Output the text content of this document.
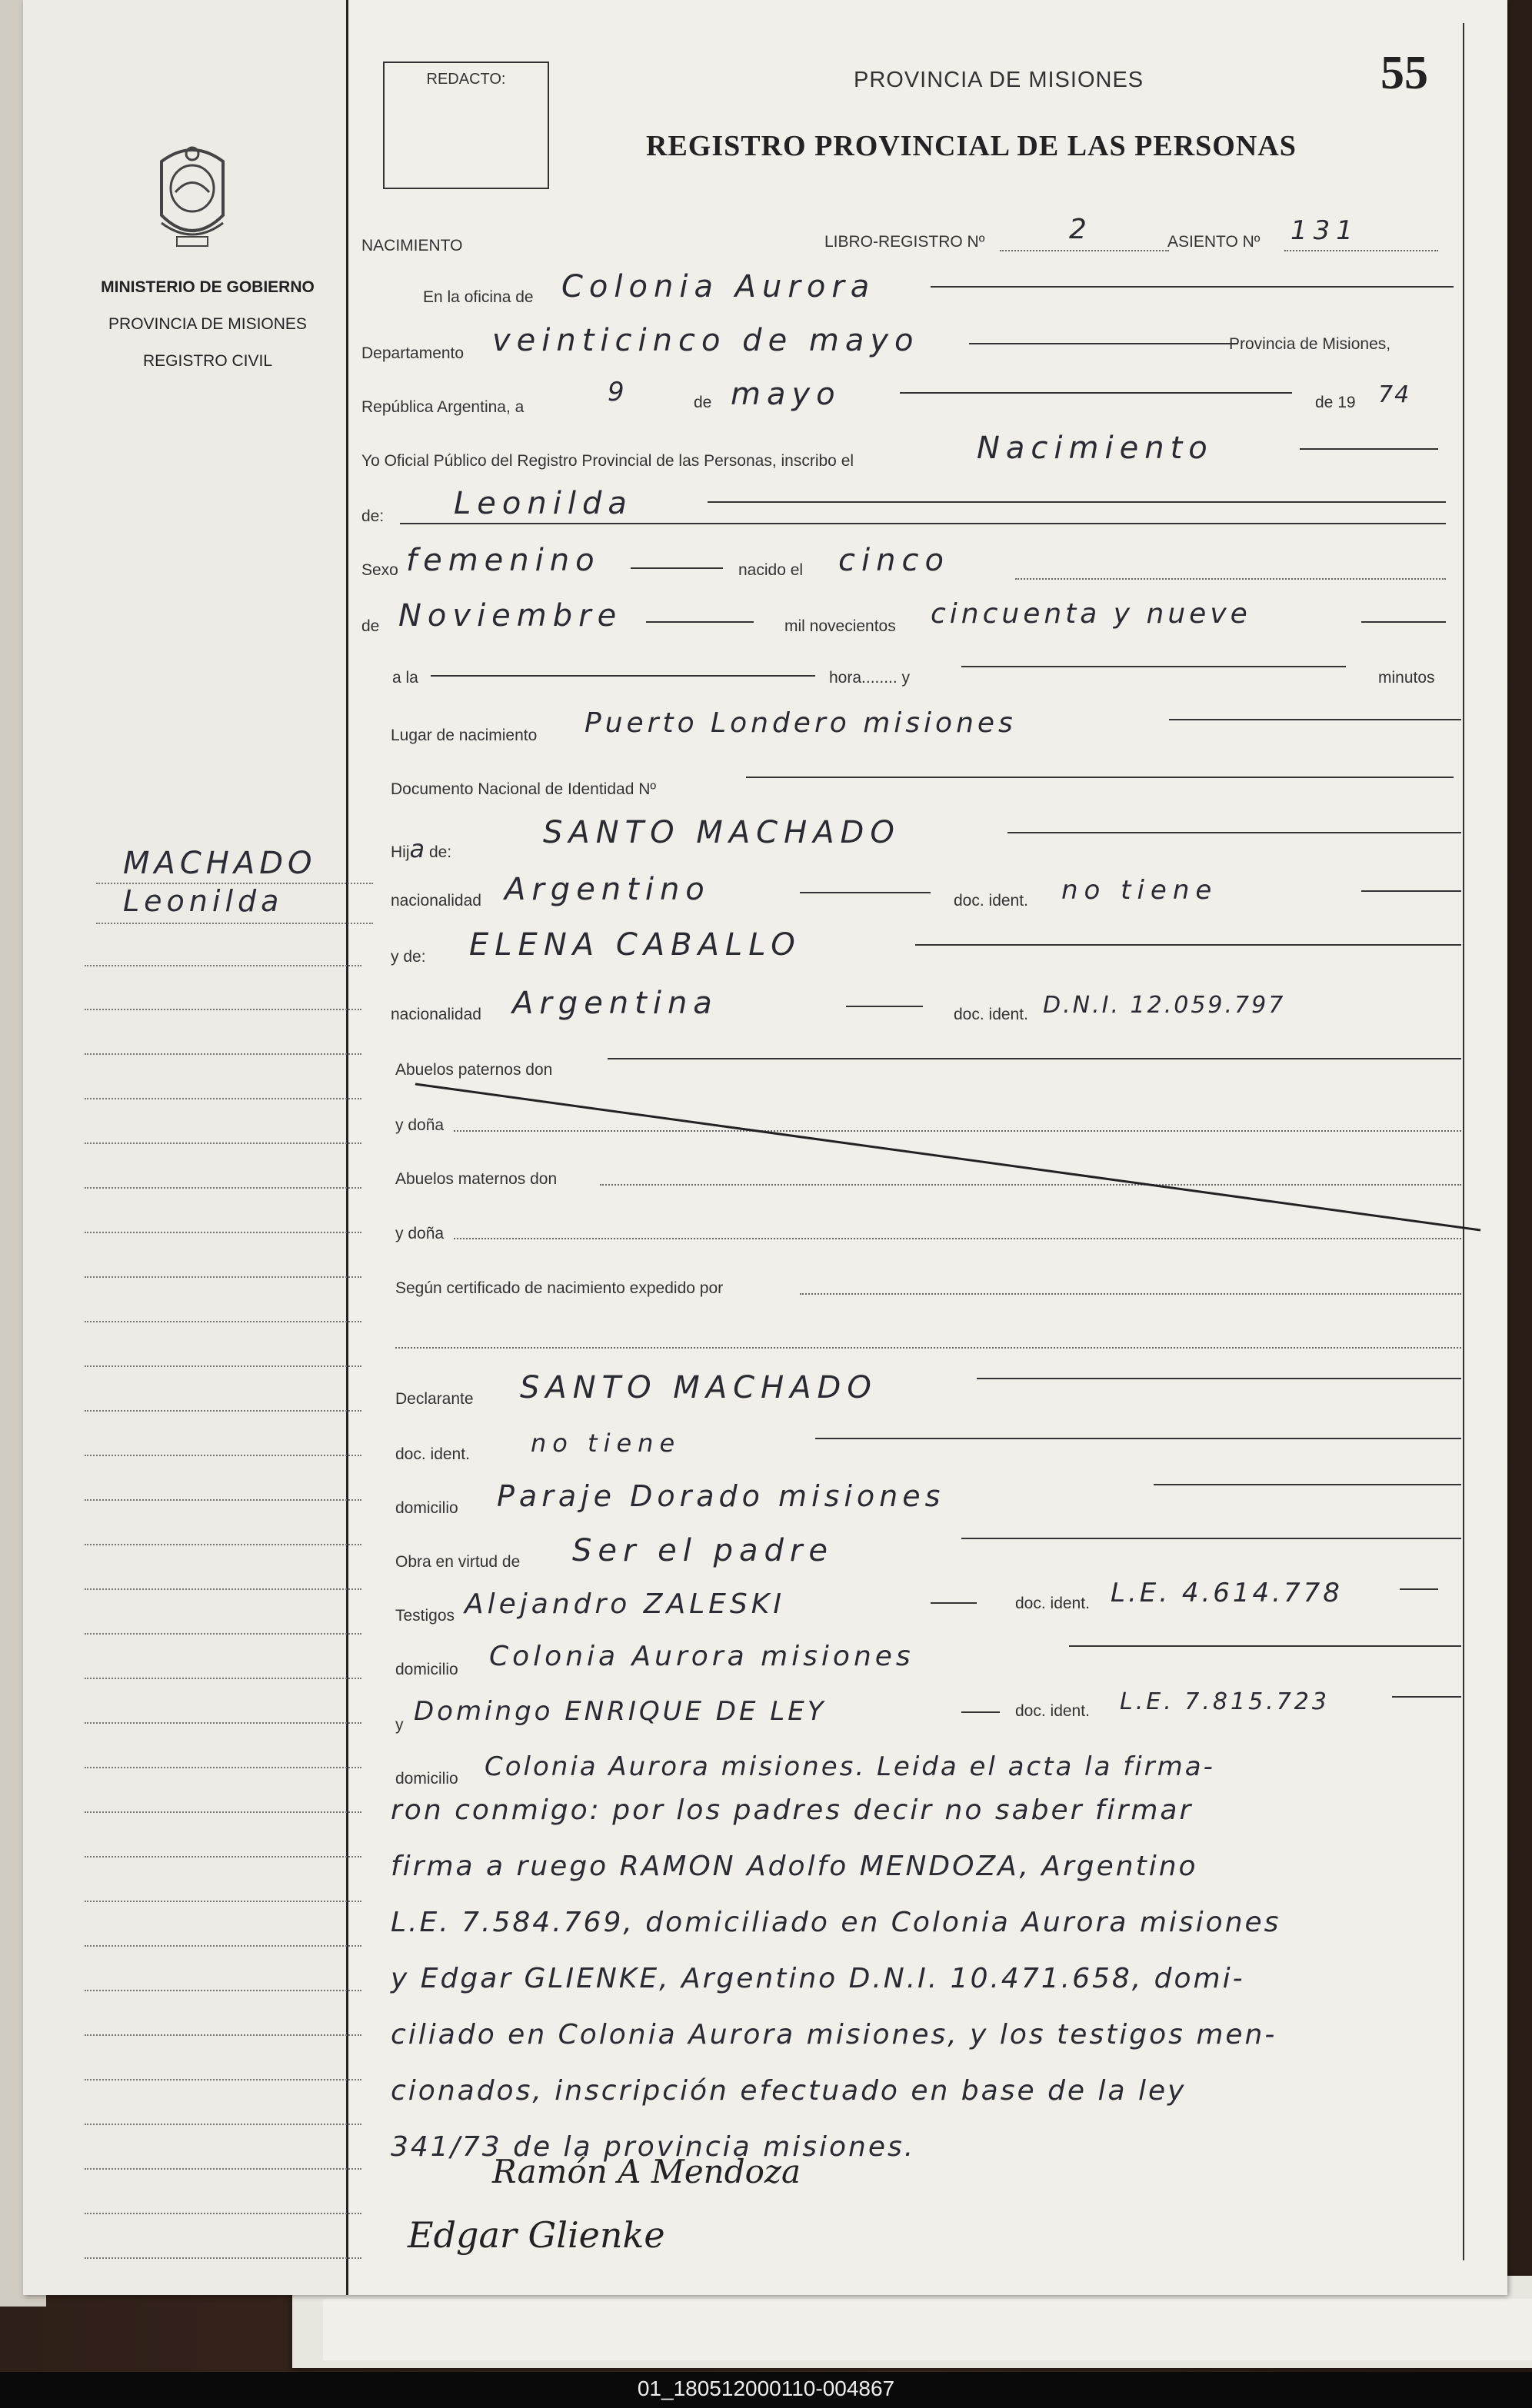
MINISTERIO DE GOBIERNO
PROVINCIA DE MISIONES
REGISTRO CIVIL
MACHADO
Leonilda
REDACTO:	PROVINCIA DE MISIONES	55
REGISTRO PROVINCIAL DE LAS PERSONAS
NACIMIENTO	LIBRO-REGISTRO Nº	2	ASIENTO Nº 131
En la oficina de Colonia Aurora
Departamento veinticinco de mayo	Provincia de Misiones,
República Argentina, a	9	de mayo	de 19 74
Yo Oficial Público del Registro Provincial de las Personas, inscribo el	Nacimiento
de: Leonilda
Sexo femenino	nacido el cinco
de Noviembre	mil novecientos cincuenta y nueve
a la	hora........ y	minutos
Lugar de nacimiento Puerto Londero misiones
Documento Nacional de Identidad Nº
Hija de:
SANTO MACHADO
nacionalidad Argentino	doc. ident. no tiene
y de: ELENA CABALLO
nacionalidad Argentina	doc. ident. D.N.I. 12.059.797
Abuelos paternos don
y doña
Abuelos maternos don
y doña
Según certificado de nacimiento expedido por
Declarante SANTO MACHADO
doc. ident. no tiene
domicilio Paraje Dorado misiones
Obra en virtud de Ser el padre
Testigos Alejandro ZALESKI	doc. ident. L.E. 4.614.778
domicilio Colonia Aurora misiones
y Domingo ENRIQUE DE LEY	doc. ident. L.E. 7.815.723
domicilio Colonia Aurora misiones. Leida el acta la firma-
ron conmigo: por los padres decir no saber firmar
firma a ruego RAMON Adolfo MENDOZA, Argentino
L.E. 7.584.769, domiciliado en Colonia Aurora misiones
y Edgar GLIENKE, Argentino D.N.I. 10.471.658, domi-
ciliado en Colonia Aurora misiones, y los testigos men-
cionados, inscripción efectuado en base de la ley
341/73 de la provincia misiones.
Ramón A Mendoza
Edgar Glienke
01_180512000110-004867
